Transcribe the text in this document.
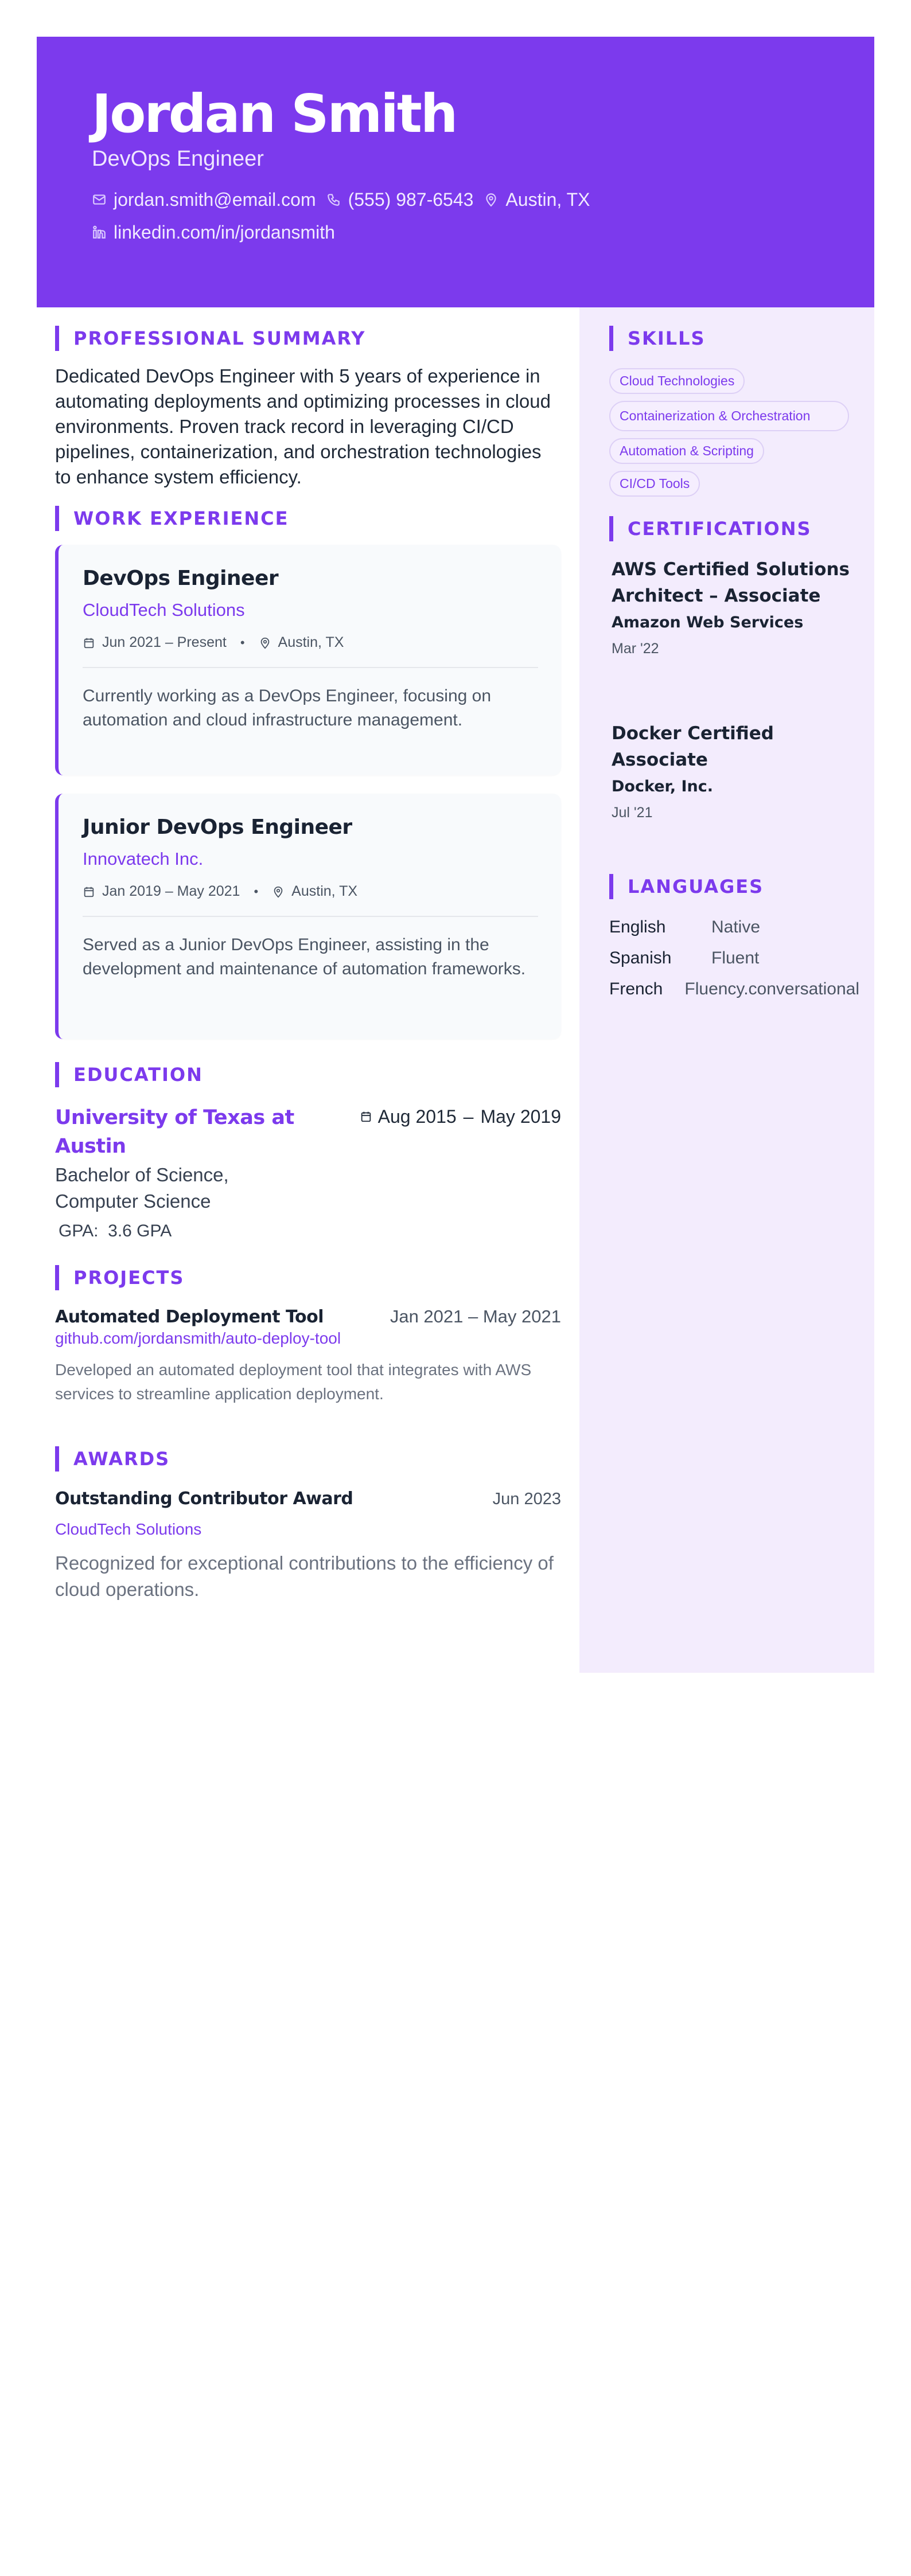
Jordan Smith
DevOps Engineer
jordan.smith@email.com (555) 987-6543 Austin, TX
linkedin.com/in/jordansmith
PROFESSIONAL SUMMARY

Dedicated DevOps Engineer with 5 years of experience in automating deployments and optimizing processes in cloud environments. Proven track record in leveraging CI/CD pipelines, containerization, and orchestration technologies to enhance system efficiency.

WORK EXPERIENCE
DevOps Engineer
CloudTech Solutions
Jun 2021 – Present • Austin, TX
Currently working as a DevOps Engineer, focusing on automation and cloud infrastructure management.
Junior DevOps Engineer
Innovatech Inc.
Jan 2019 – May 2021 • Austin, TX
Served as a Junior DevOps Engineer, assisting in the development and maintenance of automation frameworks.
EDUCATION
University of Texas at Austin
Aug 2015 – May 2019
Bachelor of Science, Computer Science
GPA: 3.6 GPA
PROJECTS
Automated Deployment Tool	Jan 2021 – May 2021
github.com/jordansmith/auto-deploy-tool
Developed an automated deployment tool that integrates with AWS services to streamline application deployment.
AWARDS
Outstanding Contributor Award	Jun 2023
CloudTech Solutions
Recognized for exceptional contributions to the efficiency of cloud operations.
SKILLS
Cloud Technologies
Containerization & Orchestration
Automation & Scripting
CI/CD Tools
CERTIFICATIONS
AWS Certified Solutions Architect – Associate
Amazon Web Services
Mar '22
Docker Certified Associate
Docker, Inc.
Jul '21
LANGUAGES
English	Native
Spanish	Fluent
French	Fluency.conversational
